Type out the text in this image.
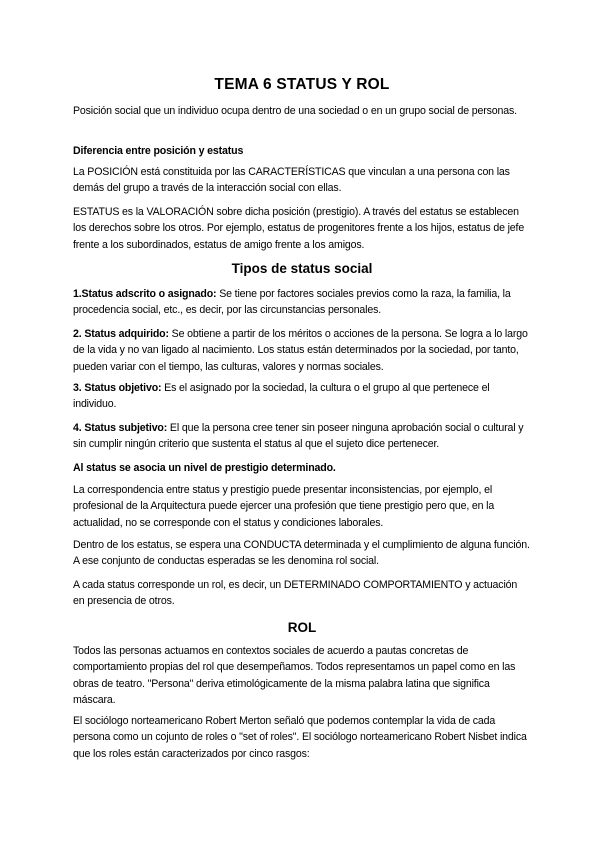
TEMA 6 STATUS Y ROL
Posición social que un individuo ocupa dentro de una sociedad o en un grupo social de personas.
Diferencia entre posición y estatus
La POSICIÓN está constituida por las CARACTERÍSTICAS que vinculan a una persona con las demás del grupo a través de la interacción social con ellas.
ESTATUS es la VALORACIÓN sobre dicha posición (prestigio). A través del estatus se establecen los derechos sobre los otros. Por ejemplo, estatus de progenitores frente a los hijos, estatus de jefe frente a los subordinados, estatus de amigo frente a los amigos.
Tipos de status social
1.Status adscrito o asignado: Se tiene por factores sociales previos como la raza, la familia, la procedencia social, etc., es decir, por las circunstancias personales.
2. Status adquirido: Se obtiene a partir de los méritos o acciones de la persona. Se logra a lo largo de la vida y no van ligado al nacimiento. Los status están determinados por la sociedad, por tanto, pueden variar con el tiempo, las culturas, valores y normas sociales.
3. Status objetivo: Es el asignado por la sociedad, la cultura o el grupo al que pertenece el individuo.
4. Status subjetivo: El que la persona cree tener sin poseer ninguna aprobación social o cultural y sin cumplir ningún criterio que sustenta el status al que el sujeto dice pertenecer.
Al status se asocia un nivel de prestigio determinado.
La correspondencia entre status y prestigio puede presentar inconsistencias, por ejemplo, el profesional de la Arquitectura puede ejercer una profesión que tiene prestigio pero que, en la actualidad, no se corresponde con el status y condiciones laborales.
Dentro de los estatus, se espera una CONDUCTA determinada y el cumplimiento de alguna función. A ese conjunto de conductas esperadas se les denomina rol social.
A cada status corresponde un rol, es decir, un DETERMINADO COMPORTAMIENTO y actuación en presencia de otros.
ROL
Todos las personas actuamos en contextos sociales de acuerdo a pautas concretas de comportamiento propias del rol que desempeñamos. Todos representamos un papel como en las obras de teatro. "Persona" deriva etimológicamente de la misma palabra latina que significa máscara.
El sociólogo norteamericano Robert Merton señaló que podemos contemplar la vida de cada persona como un cojunto de roles o "set of roles". El sociólogo norteamericano Robert Nisbet indica que los roles están caracterizados por cinco rasgos:
